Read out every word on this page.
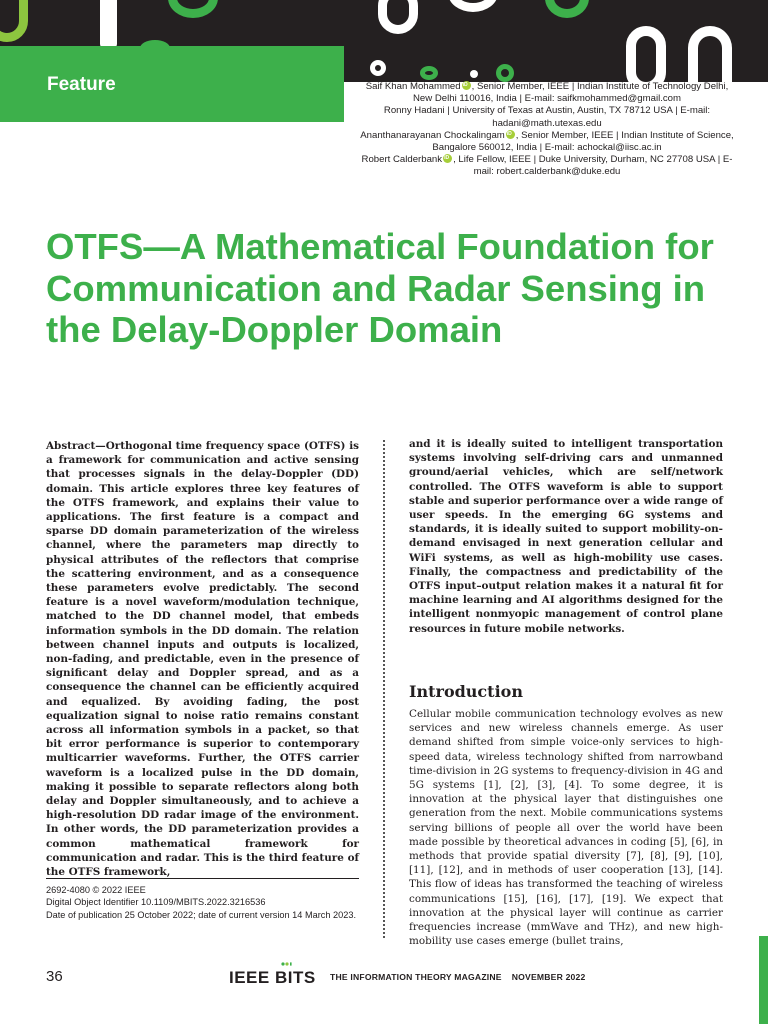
Feature	Saif Khan Mohammed iD , Senior Member, IEEE | Indian Institute of Technology Delhi, New Delhi 110016, India | E-mail: saifkmohammed@gmail.com

Ronny Hadani | University of Texas at Austin, Austin, TX 78712 USA | E-mail: hadani@math.utexas.edu

Ananthanarayanan Chockalingam iD , Senior Member, IEEE | Indian Institute of Science, Bangalore 560012, India | E-mail: achockal@iisc.ac.in

Robert Calderbank iD , Life Fellow, IEEE | Duke University, Durham, NC 27708 USA | E-mail: robert.calderbank@duke.edu

OTFS—A Mathematical Foundation for Communication and Radar Sensing in the Delay-Doppler Domain
Abstract—Orthogonal time frequency space (OTFS) is a framework for communication and active sensing that processes signals in the delay-Doppler (DD) domain. This article explores three key features of the OTFS framework, and explains their value to applications. The first feature is a compact and sparse DD domain parameterization of the wireless channel, where the parameters map directly to physical attributes of the reflectors that comprise the scattering environment, and as a consequence these parameters evolve predictably. The second feature is a novel waveform/modulation technique, matched to the DD channel model, that embeds information symbols in the DD domain. The relation between channel inputs and outputs is localized, non-fading, and predictable, even in the presence of significant delay and Doppler spread, and as a consequence the channel can be efficiently acquired and equalized. By avoiding fading, the post equalization signal to noise ratio remains constant across all information symbols in a packet, so that bit error performance is superior to contemporary multicarrier waveforms. Further, the OTFS carrier waveform is a localized pulse in the DD domain, making it possible to separate reflectors along both delay and Doppler simultaneously, and to achieve a high-resolution DD radar image of the environment. In other words, the DD parameterization provides a common mathematical framework for communication and radar. This is the third feature of the OTFS framework,
and it is ideally suited to intelligent transportation systems involving self-driving cars and unmanned ground/aerial vehicles, which are self/network controlled. The OTFS waveform is able to support stable and superior performance over a wide range of user speeds. In the emerging 6G systems and standards, it is ideally suited to support mobility-on-demand envisaged in next generation cellular and WiFi systems, as well as high-mobility use cases. Finally, the compactness and predictability of the OTFS input–output relation makes it a natural fit for machine learning and AI algorithms designed for the intelligent nonmyopic management of control plane resources in future mobile networks.
Introduction
Cellular mobile communication technology evolves as new services and new wireless channels emerge. As user demand shifted from simple voice-only services to high-speed data, wireless technology shifted from narrowband time-division in 2G systems to frequency-division in 4G and 5G systems [1], [2], [3], [4]. To some degree, it is innovation at the physical layer that distinguishes one generation from the next. Mobile communications systems serving billions of people all over the world have been made possible by theoretical advances in coding [5], [6], in methods that provide spatial diversity [7], [8], [9], [10], [11], [12], and in methods of user cooperation [13], [14]. This flow of ideas has transformed the teaching of wireless communications [15], [16], [17], [19]. We expect that innovation at the physical layer will continue as carrier frequencies increase (mmWave and THz), and new high-mobility use cases emerge (bullet trains,

2692-4080 © 2022 IEEE

Digital Object Identifier 10.1109/MBITS.2022.3216536

Date of publication 25 October 2022; date of current version 14 March 2023.

36	IEEE BITS THE INFORMATION THEORY MAGAZINE NOVEMBER 2022
